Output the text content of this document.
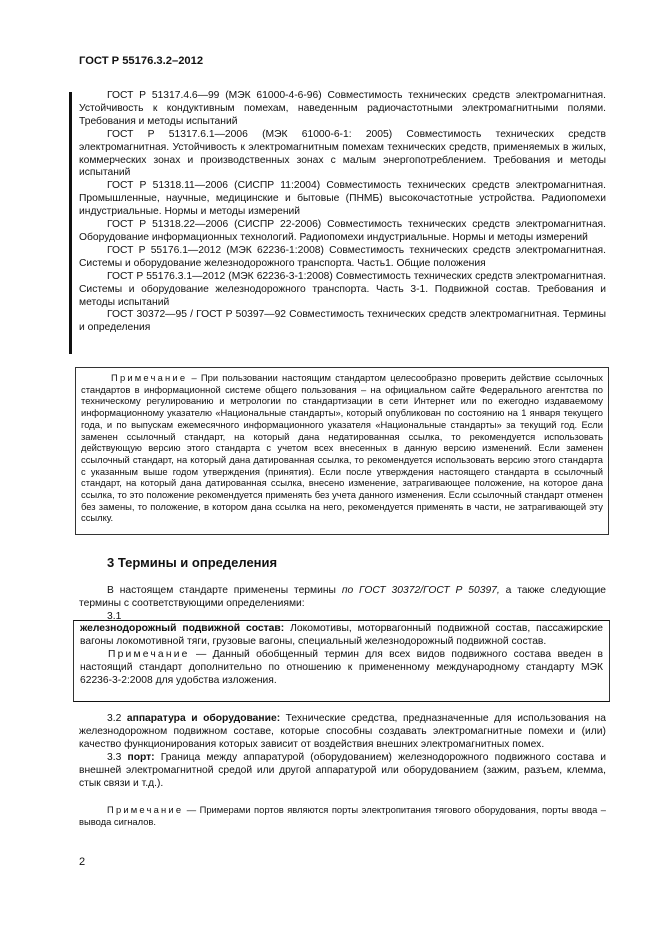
ГОСТ Р 55176.3.2–2012

ГОСТ Р 51317.4.6—99 (МЭК 61000-4-6-96) Совместимость технических средств электромагнитная. Устойчивость к кондуктивным помехам, наведенным радиочастотными электромагнитными полями. Требования и методы испытаний

ГОСТ Р 51317.6.1—2006 (МЭК 61000-6-1: 2005) Совместимость технических средств электромагнитная. Устойчивость к электромагнитным помехам технических средств, применяемых в жилых, коммерческих зонах и производственных зонах с малым энергопотреблением. Требования и методы испытаний

ГОСТ Р 51318.11—2006 (СИСПР 11:2004) Совместимость технических средств электромагнитная. Промышленные, научные, медицинские и бытовые (ПНМБ) высокочастотные устройства. Радиопомехи индустриальные. Нормы и методы измерений

ГОСТ Р 51318.22—2006 (СИСПР 22-2006) Совместимость технических средств электромагнитная. Оборудование информационных технологий. Радиопомехи индустриальные. Нормы и методы измерений

ГОСТ Р 55176.1—2012 (МЭК 62236-1:2008) Совместимость технических средств электромагнитная. Системы и оборудование железнодорожного транспорта. Часть1. Общие положения

ГОСТ Р 55176.3.1—2012 (МЭК 62236-3-1:2008) Совместимость технических средств электромагнитная. Системы и оборудование железнодорожного транспорта. Часть 3-1. Подвижной состав. Требования и методы испытаний

ГОСТ 30372—95 / ГОСТ Р 50397—92 Совместимость технических средств электромагнитная. Термины и определения

Примечание – При пользовании настоящим стандартом целесообразно проверить действие ссылочных стандартов в информационной системе общего пользования – на официальном сайте Федерального агентства по техническому регулированию и метрологии по стандартизации в сети Интернет или по ежегодно издаваемому информационному указателю «Национальные стандарты», который опубликован по состоянию на 1 января текущего года, и по выпускам ежемесячного информационного указателя «Национальные стандарты» за текущий год. Если заменен ссылочный стандарт, на который дана недатированная ссылка, то рекомендуется использовать действующую версию этого стандарта с учетом всех внесенных в данную версию изменений. Если заменен ссылочный стандарт, на который дана датированная ссылка, то рекомендуется использовать версию этого стандарта с указанным выше годом утверждения (принятия). Если после утверждения настоящего стандарта в ссылочный стандарт, на который дана датированная ссылка, внесено изменение, затрагивающее положение, на которое дана ссылка, то это положение рекомендуется применять без учета данного изменения. Если ссылочный стандарт отменен без замены, то положение, в котором дана ссылка на него, рекомендуется применять в части, не затрагивающей эту ссылку.
3 Термины и определения

В настоящем стандарте применены термины по ГОСТ 30372/ГОСТ Р 50397, а также следующие термины с соответствующими определениями:

3.1

железнодорожный подвижной состав: Локомотивы, моторвагонный подвижной состав, пассажирские вагоны локомотивной тяги, грузовые вагоны, специальный железнодорожный подвижной состав.

Примечание — Данный обобщенный термин для всех видов подвижного состава введен в настоящий стандарт дополнительно по отношению к примененному международному стандарту МЭК 62236-3-2:2008 для удобства изложения.

3.2 аппаратура и оборудование: Технические средства, предназначенные для использования на железнодорожном подвижном составе, которые способны создавать электромагнитные помехи и (или) качество функционирования которых зависит от воздействия внешних электромагнитных помех.

3.3 порт: Граница между аппаратурой (оборудованием) железнодорожного подвижного состава и внешней электромагнитной средой или другой аппаратурой или оборудованием (зажим, разъем, клемма, стык связи и т.д.).

Примечание — Примерами портов являются порты электропитания тягового оборудования, порты ввода – вывода сигналов.

2
